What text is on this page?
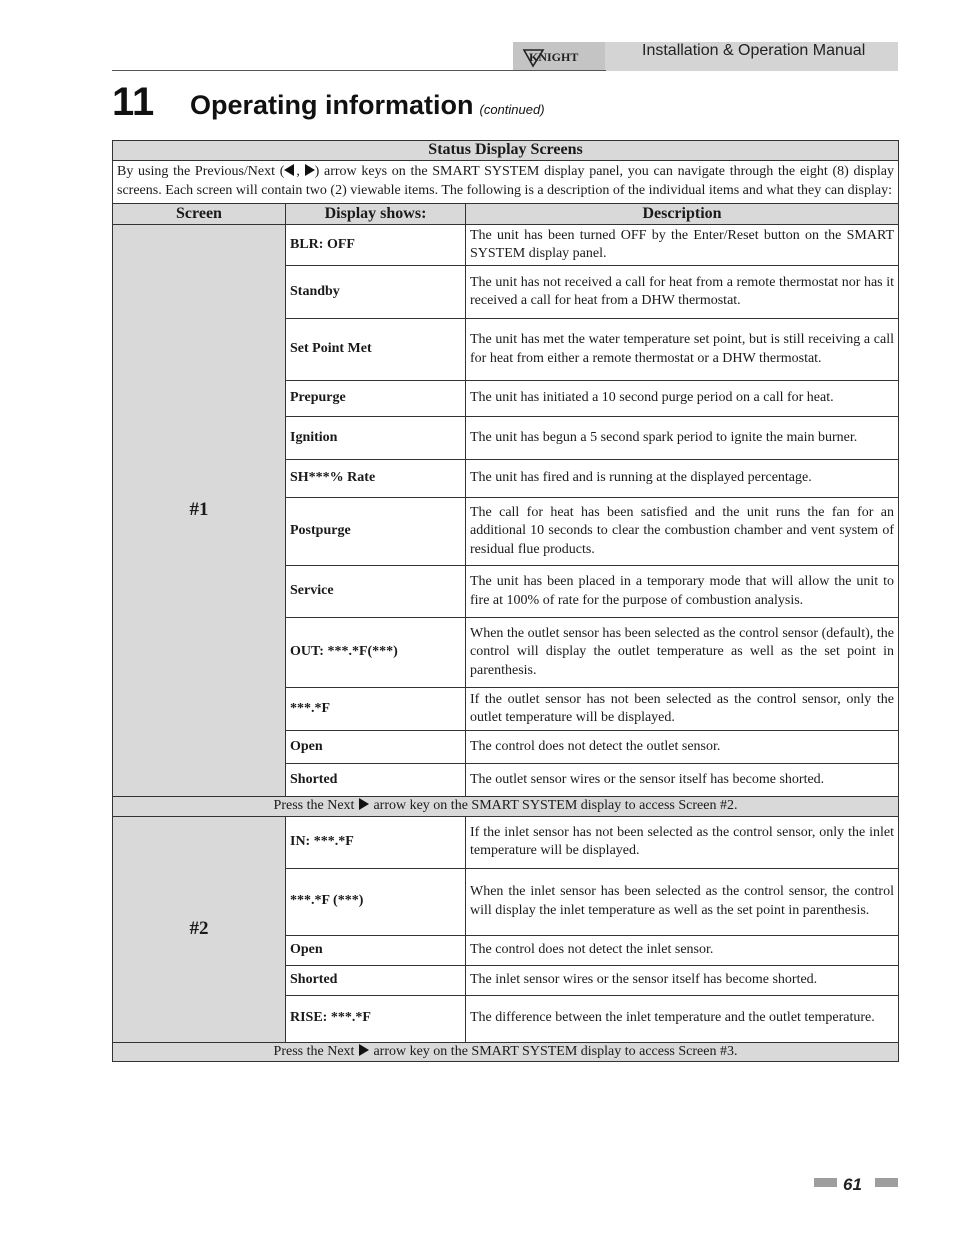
KNIGHT	Installation & Operation Manual
11 Operating information (continued)
Status Display Screens		
By using the Previous/Next ( , ) arrow keys on the SMART SYSTEM display panel, you can navigate through the eight (8) display screens. Each screen will contain two (2) viewable items. The following is a description of the individual items and what they can display:		
Screen	Display shows:	Description
#1	BLR: OFF	The unit has been turned OFF by the Enter/Reset button on the SMART SYSTEM display panel.
	Standby	The unit has not received a call for heat from a remote thermostat nor has it received a call for heat from a DHW thermostat.
	Set Point Met	The unit has met the water temperature set point, but is still receiving a call for heat from either a remote thermostat or a DHW thermostat.
	Prepurge	The unit has initiated a 10 second purge period on a call for heat.
	Ignition	The unit has begun a 5 second spark period to ignite the main burner.
	SH***% Rate	The unit has fired and is running at the displayed percentage.
	Postpurge	The call for heat has been satisfied and the unit runs the fan for an additional 10 seconds to clear the combustion chamber and vent system of residual flue products.
	Service	The unit has been placed in a temporary mode that will allow the unit to fire at 100% of rate for the purpose of combustion analysis.
	OUT: ***.*F(***)	When the outlet sensor has been selected as the control sensor (default), the control will display the outlet temperature as well as the set point in parenthesis.
	***.*F	If the outlet sensor has not been selected as the control sensor, only the outlet temperature will be displayed.
	Open	The control does not detect the outlet sensor.
	Shorted	The outlet sensor wires or the sensor itself has become shorted.
Press the Next arrow key on the SMART SYSTEM display to access Screen #2.		
#2	IN: ***.*F	If the inlet sensor has not been selected as the control sensor, only the inlet temperature will be displayed.
	***.*F (***)	When the inlet sensor has been selected as the control sensor, the control will display the inlet temperature as well as the set point in parenthesis.
	Open	The control does not detect the inlet sensor.
	Shorted	The inlet sensor wires or the sensor itself has become shorted.
	RISE: ***.*F	The difference between the inlet temperature and the outlet temperature.
Press the Next arrow key on the SMART SYSTEM display to access Screen #3.		
61
